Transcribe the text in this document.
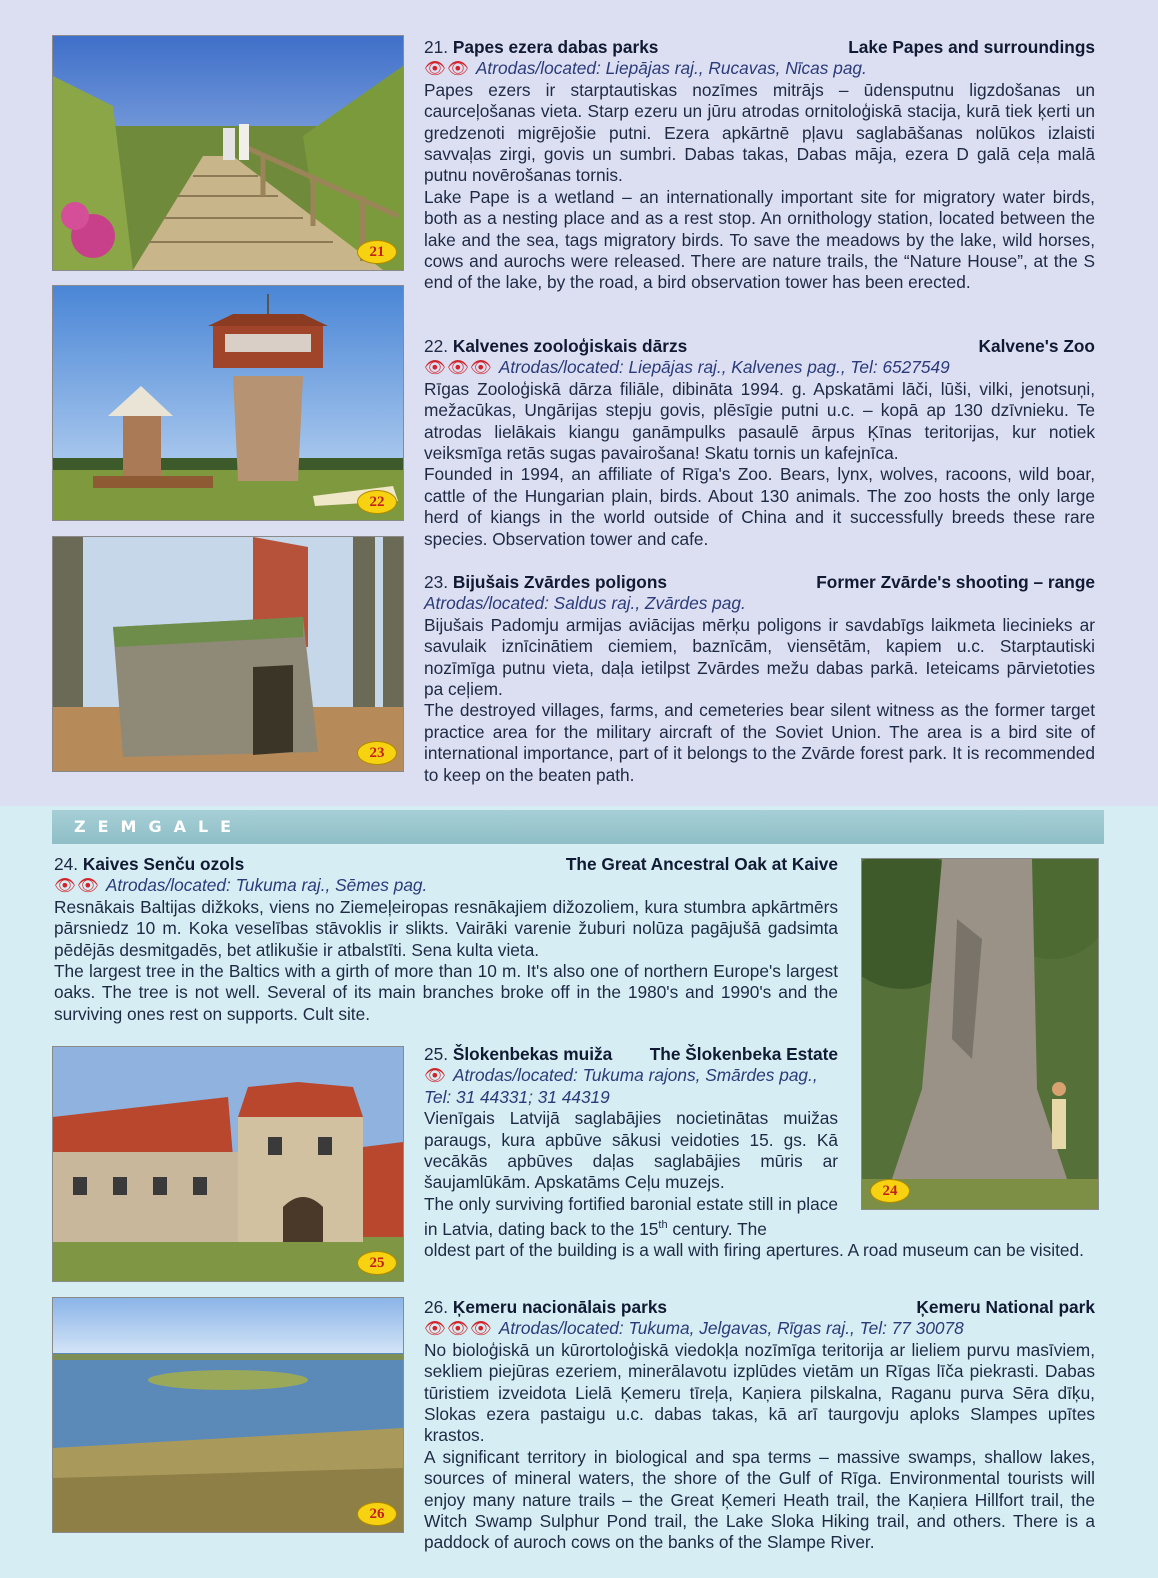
ZEMGALE
21
22
23
24
25
26
21. Papes ezera dabas parks	Lake Papes and surroundings
👁👁 Atrodas/located: Liepājas raj., Rucavas, Nīcas pag.

Papes ezers ir starptautiskas nozīmes mitrājs – ūdensputnu ligzdošanas un caurceļošanas vieta. Starp ezeru un jūru atrodas ornitoloģiskā stacija, kurā tiek ķerti un gredzenoti migrējošie putni. Ezera apkārtnē pļavu saglabāšanas nolūkos izlaisti savvaļas zirgi, govis un sumbri. Dabas takas, Dabas māja, ezera D galā ceļa malā putnu novērošanas tornis.

Lake Pape is a wetland – an internationally important site for migratory water birds, both as a nesting place and as a rest stop. An ornithology station, located between the lake and the sea, tags migratory birds. To save the meadows by the lake, wild horses, cows and aurochs were released. There are nature trails, the “Nature House”, at the S end of the lake, by the road, a bird observation tower has been erected.

22. Kalvenes zooloģiskais dārzs	Kalvene's Zoo
👁👁👁 Atrodas/located: Liepājas raj., Kalvenes pag., Tel: 6527549

Rīgas Zooloģiskā dārza filiāle, dibināta 1994. g. Apskatāmi lāči, lūši, vilki, jenotsuņi, mežacūkas, Ungārijas stepju govis, plēsīgie putni u.c. – kopā ap 130 dzīvnieku. Te atrodas lielākais kiangu ganāmpulks pasaulē ārpus Ķīnas teritorijas, kur notiek veiksmīga retās sugas pavairošana! Skatu tornis un kafejnīca.

Founded in 1994, an affiliate of Rīga's Zoo. Bears, lynx, wolves, racoons, wild boar, cattle of the Hungarian plain, birds. About 130 animals. The zoo hosts the only large herd of kiangs in the world outside of China and it successfully breeds these rare species. Observation tower and cafe.

23. Bijušais Zvārdes poligons	Former Zvārde's shooting – range
Atrodas/located: Saldus raj., Zvārdes pag.

Bijušais Padomju armijas aviācijas mērķu poligons ir savdabīgs laikmeta liecinieks ar savulaik iznīcinātiem ciemiem, baznīcām, viensētām, kapiem u.c. Starptautiski nozīmīga putnu vieta, daļa ietilpst Zvārdes mežu dabas parkā. Ieteicams pārvietoties pa ceļiem.

The destroyed villages, farms, and cemeteries bear silent witness as the former target practice area for the military aircraft of the Soviet Union. The area is a bird site of international importance, part of it belongs to the Zvārde forest park. It is recommended to keep on the beaten path.

24. Kaives Senču ozols	The Great Ancestral Oak at Kaive
👁👁 Atrodas/located: Tukuma raj., Sēmes pag.

Resnākais Baltijas dižkoks, viens no Ziemeļeiropas resnākajiem dižozoliem, kura stumbra apkārtmērs pārsniedz 10 m. Koka veselības stāvoklis ir slikts. Vairāki varenie žuburi nolūza pagājušā gadsimta pēdējās desmitgadēs, bet atlikušie ir atbalstīti. Sena kulta vieta.

The largest tree in the Baltics with a girth of more than 10 m. It's also one of northern Europe's largest oaks. The tree is not well. Several of its main branches broke off in the 1980's and 1990's and the surviving ones rest on supports. Cult site.

25. Šlokenbekas muiža The Šlokenbeka Estate
👁 Atrodas/located: Tukuma rajons, Smārdes pag.,
Tel: 31 44331; 31 44319

Vienīgais Latvijā saglabājies nocietinātas muižas paraugs, kura apbūve sākusi veidoties 15. gs. Kā vecākās apbūves daļas saglabājies mūris ar šaujamlūkām. Apskatāms Ceļu muzejs.

The only surviving fortified baronial estate still in place in Latvia, dating back to the 15th century. The

oldest part of the building is a wall with firing apertures. A road museum can be visited.

26. Ķemeru nacionālais parks	Ķemeru National park
👁👁👁 Atrodas/located: Tukuma, Jelgavas, Rīgas raj., Tel: 77 30078

No bioloģiskā un kūrortoloģiskā viedokļa nozīmīga teritorija ar lieliem purvu masīviem, sekliem piejūras ezeriem, minerālavotu izplūdes vietām un Rīgas līča piekrasti. Dabas tūristiem izveidota Lielā Ķemeru tīreļa, Kaņiera pilskalna, Raganu purva Sēra dīķu, Slokas ezera pastaigu u.c. dabas takas, kā arī taurgovju aploks Slampes upītes krastos.

A significant territory in biological and spa terms – massive swamps, shallow lakes, sources of mineral waters, the shore of the Gulf of Rīga. Environmental tourists will enjoy many nature trails – the Great Ķemeri Heath trail, the Kaņiera Hillfort trail, the Witch Swamp Sulphur Pond trail, the Lake Sloka Hiking trail, and others. There is a paddock of auroch cows on the banks of the Slampe River.
